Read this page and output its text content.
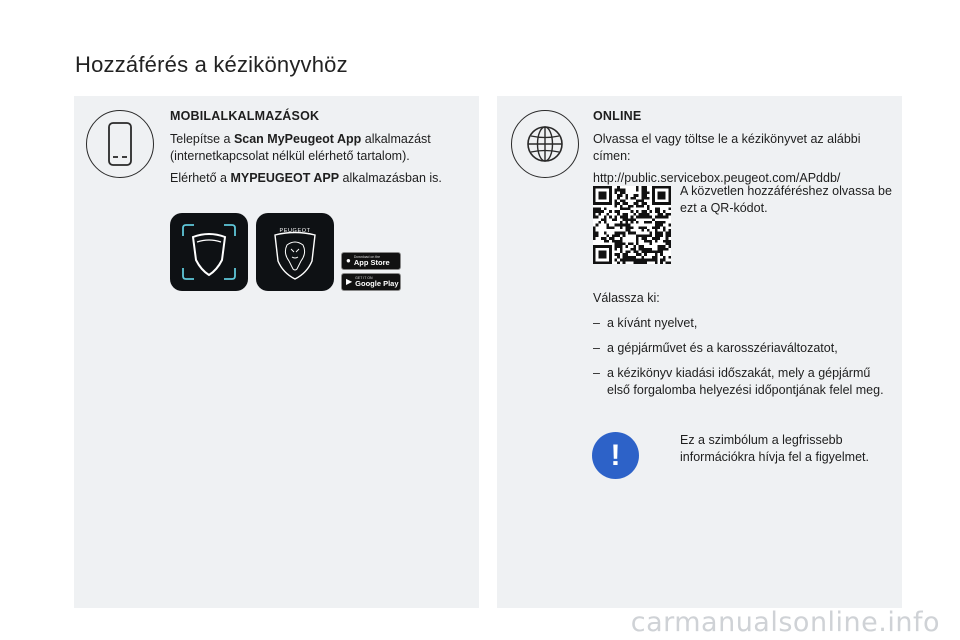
Hozzáférés a kézikönyvhöz
MOBILALKALMAZÁSOK

Telepítse a Scan MyPeugeot App alkalmazást (internetkapcsolat nélkül elérhető tartalom).

Elérhető a MYPEUGEOT APP alkalmazásban is.

PEUGEOT
● Download on the
App Store
▶ GET IT ON
Google Play
ONLINE

Olvassa el vagy töltse le a kézikönyvet az alábbi címen:

http://public.servicebox.peugeot.com/APddb/

A közvetlen hozzáféréshez olvassa be ezt a QR-kódot.

Válassza ki:

– a kívánt nyelvet,
– a gépjárművet és a karosszériaváltozatot,
– a kézikönyv kiadási időszakát, mely a gépjármű első forgalomba helyezési időpontjának felel meg.
!	Ez a szimbólum a legfrissebb információkra hívja fel a figyelmet.
carmanualsonline.info
